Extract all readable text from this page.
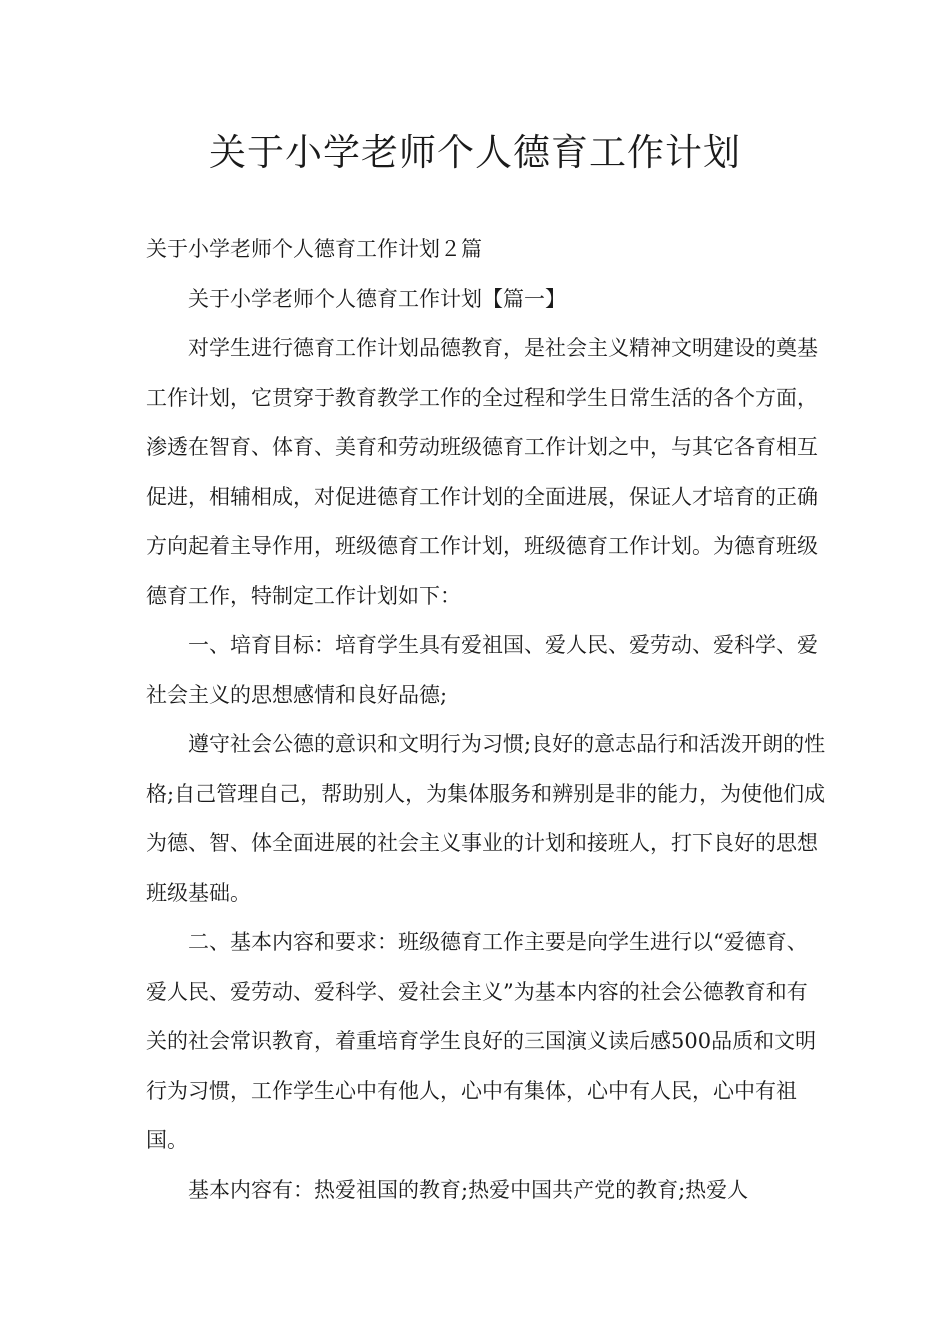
关于小学老师个人德育工作计划

关于小学老师个人德育工作计划２篇

关于小学老师个人德育工作计划【篇一】

对学生进行德育工作计划品德教育，是社会主义精神文明建设的奠基工作计划，它贯穿于教育教学工作的全过程和学生日常生活的各个方面，渗透在智育、体育、美育和劳动班级德育工作计划之中，与其它各育相互促进，相辅相成，对促进德育工作计划的全面进展，保证人才培育的正确方向起着主导作用，班级德育工作计划，班级德育工作计划。为德育班级德育工作，特制定工作计划如下：

一、培育目标：培育学生具有爱祖国、爱人民、爱劳动、爱科学、爱社会主义的思想感情和良好品德;

遵守社会公德的意识和文明行为习惯;良好的意志品行和活泼开朗的性格;自己管理自己，帮助别人，为集体服务和辨别是非的能力，为使他们成为德、智、体全面进展的社会主义事业的计划和接班人，打下良好的思想班级基础。

二、基本内容和要求：班级德育工作主要是向学生进行以“爱德育、爱人民、爱劳动、爱科学、爱社会主义”为基本内容的社会公德教育和有关的社会常识教育，着重培育学生良好的三国演义读后感500品质和文明行为习惯，工作学生心中有他人，心中有集体，心中有人民，心中有祖国。

基本内容有：热爱祖国的教育;热爱中国共产党的教育;热爱人
